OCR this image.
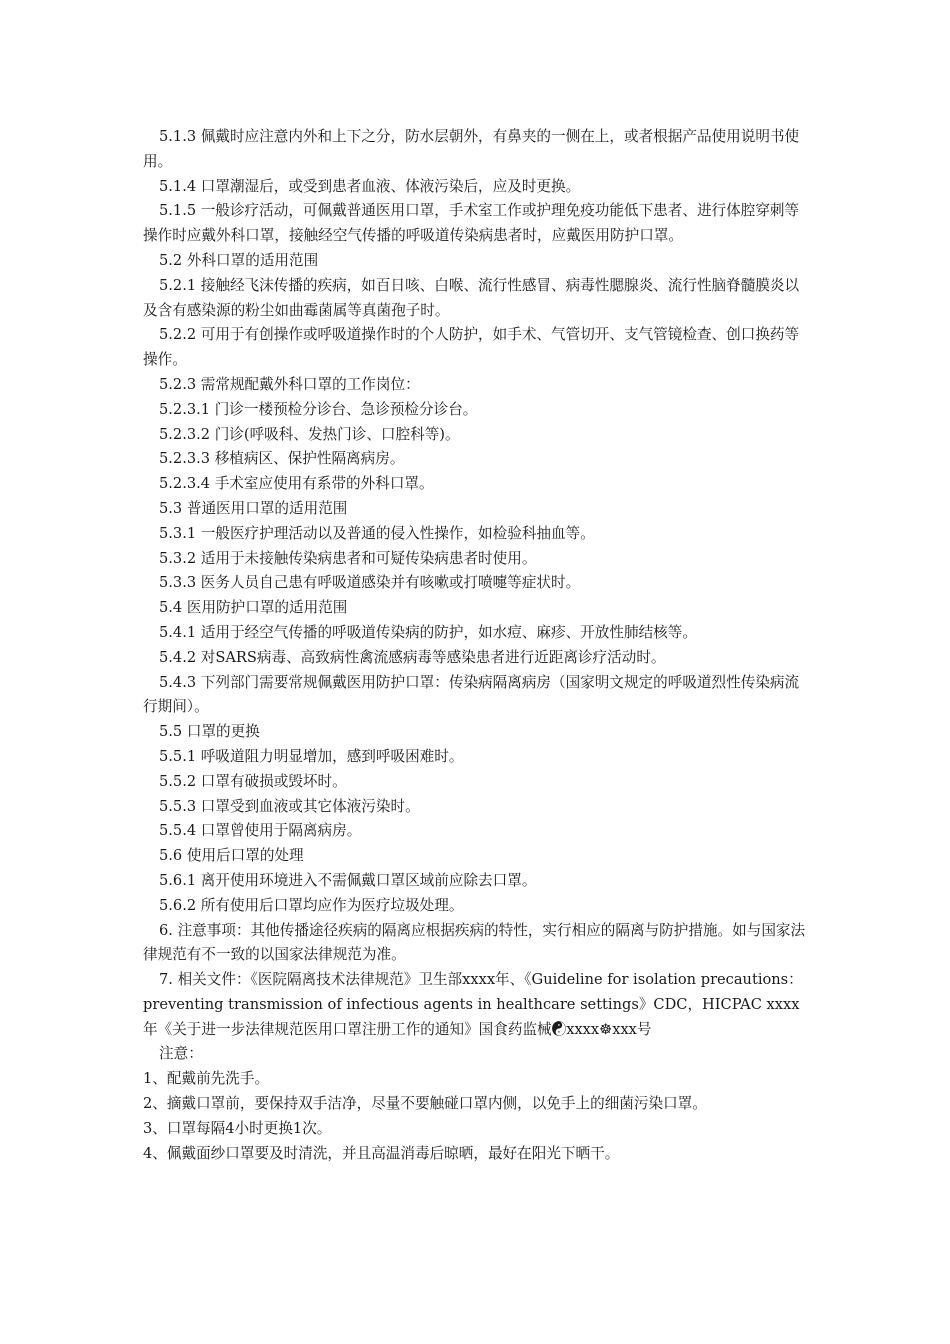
5.1.3 佩戴时应注意内外和上下之分，防水层朝外，有鼻夹的一侧在上，或者根据产品使用说明书使用。

5.1.4 口罩潮湿后，或受到患者血液、体液污染后，应及时更换。

5.1.5 一般诊疗活动，可佩戴普通医用口罩，手术室工作或护理免疫功能低下患者、进行体腔穿刺等操作时应戴外科口罩，接触经空气传播的呼吸道传染病患者时，应戴医用防护口罩。

5.2 外科口罩的适用范围

5.2.1 接触经飞沫传播的疾病，如百日咳、白喉、流行性感冒、病毒性腮腺炎、流行性脑脊髓膜炎以及含有感染源的粉尘如曲霉菌属等真菌孢子时。

5.2.2 可用于有创操作或呼吸道操作时的个人防护，如手术、气管切开、支气管镜检查、创口换药等操作。

5.2.3 需常规配戴外科口罩的工作岗位：

5.2.3.1 门诊一楼预检分诊台、急诊预检分诊台。

5.2.3.2 门诊(呼吸科、发热门诊、口腔科等)。

5.2.3.3 移植病区、保护性隔离病房。

5.2.3.4 手术室应使用有系带的外科口罩。

5.3 普通医用口罩的适用范围

5.3.1 一般医疗护理活动以及普通的侵入性操作，如检验科抽血等。

5.3.2 适用于未接触传染病患者和可疑传染病患者时使用。

5.3.3 医务人员自己患有呼吸道感染并有咳嗽或打喷嚏等症状时。

5.4 医用防护口罩的适用范围

5.4.1 适用于经空气传播的呼吸道传染病的防护，如水痘、麻疹、开放性肺结核等。

5.4.2 对SARS病毒、高致病性禽流感病毒等感染患者进行近距离诊疗活动时。

5.4.3 下列部门需要常规佩戴医用防护口罩：传染病隔离病房（国家明文规定的呼吸道烈性传染病流行期间）。

5.5 口罩的更换

5.5.1 呼吸道阻力明显增加，感到呼吸困难时。

5.5.2 口罩有破损或毁坏时。

5.5.3 口罩受到血液或其它体液污染时。

5.5.4 口罩曾使用于隔离病房。

5.6 使用后口罩的处理

5.6.1 离开使用环境进入不需佩戴口罩区域前应除去口罩。

5.6.2 所有使用后口罩均应作为医疗垃圾处理。

6. 注意事项：其他传播途径疾病的隔离应根据疾病的特性，实行相应的隔离与防护措施。如与国家法律规范有不一致的以国家法律规范为准。

7. 相关文件：《医院隔离技术法律规范》卫生部xxxx年、《Guideline for isolation precautions：preventing transmission of infectious agents in healthcare settings》CDC，HICPAC xxxx年《关于进一步法律规范医用口罩注册工作的通知》国食药监械☯xxxx☸xxx号

注意：

1、配戴前先洗手。

2、摘戴口罩前，要保持双手洁净，尽量不要触碰口罩内侧，以免手上的细菌污染口罩。

3、口罩每隔4小时更换1次。

4、佩戴面纱口罩要及时清洗，并且高温消毒后晾晒，最好在阳光下晒干。
